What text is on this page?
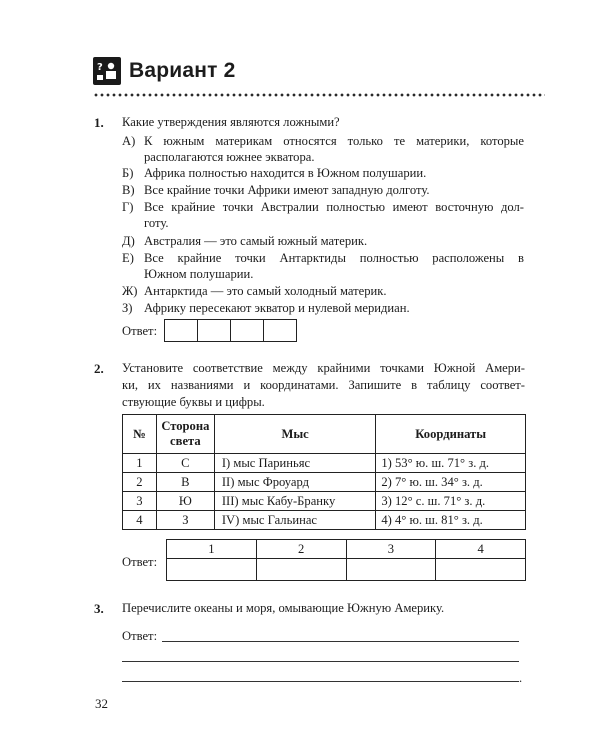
? Вариант 2
1. Какие утверждения являются ложными?
А) К южным материкам относятся только те материки, которые
располагаются южнее экватора.
Б) Африка полностью находится в Южном полушарии.
В) Все крайние точки Африки имеют западную долготу.
Г) Все крайние точки Австралии полностью имеют восточную дол-
готу.
Д) Австралия — это самый южный материк.
Е) Все крайние точки Антарктиды полностью расположены в
Южном полушарии.
Ж) Антарктида — это самый холодный материк.
З) Африку пересекают экватор и нулевой меридиан.
Ответ:
2. Установите соответствие между крайними точками Южной Амери-
ки, их названиями и координатами. Запишите в таблицу соответ-
ствующие буквы и цифры.
№	Сторона света	Мыс	Координаты
1	С	I) мыс Париньяс	1) 53° ю. ш. 71° з. д.
2	В	II) мыс Фроуард	2) 7° ю. ш. 34° з. д.
3	Ю	III) мыс Кабу-Бранку	3) 12° с. ш. 71° з. д.
4	З	IV) мыс Гальинас	4) 4° ю. ш. 81° з. д.
Ответ:
1	2	3	4

3. Перечислите океаны и моря, омывающие Южную Америку.
Ответ:
.
32
